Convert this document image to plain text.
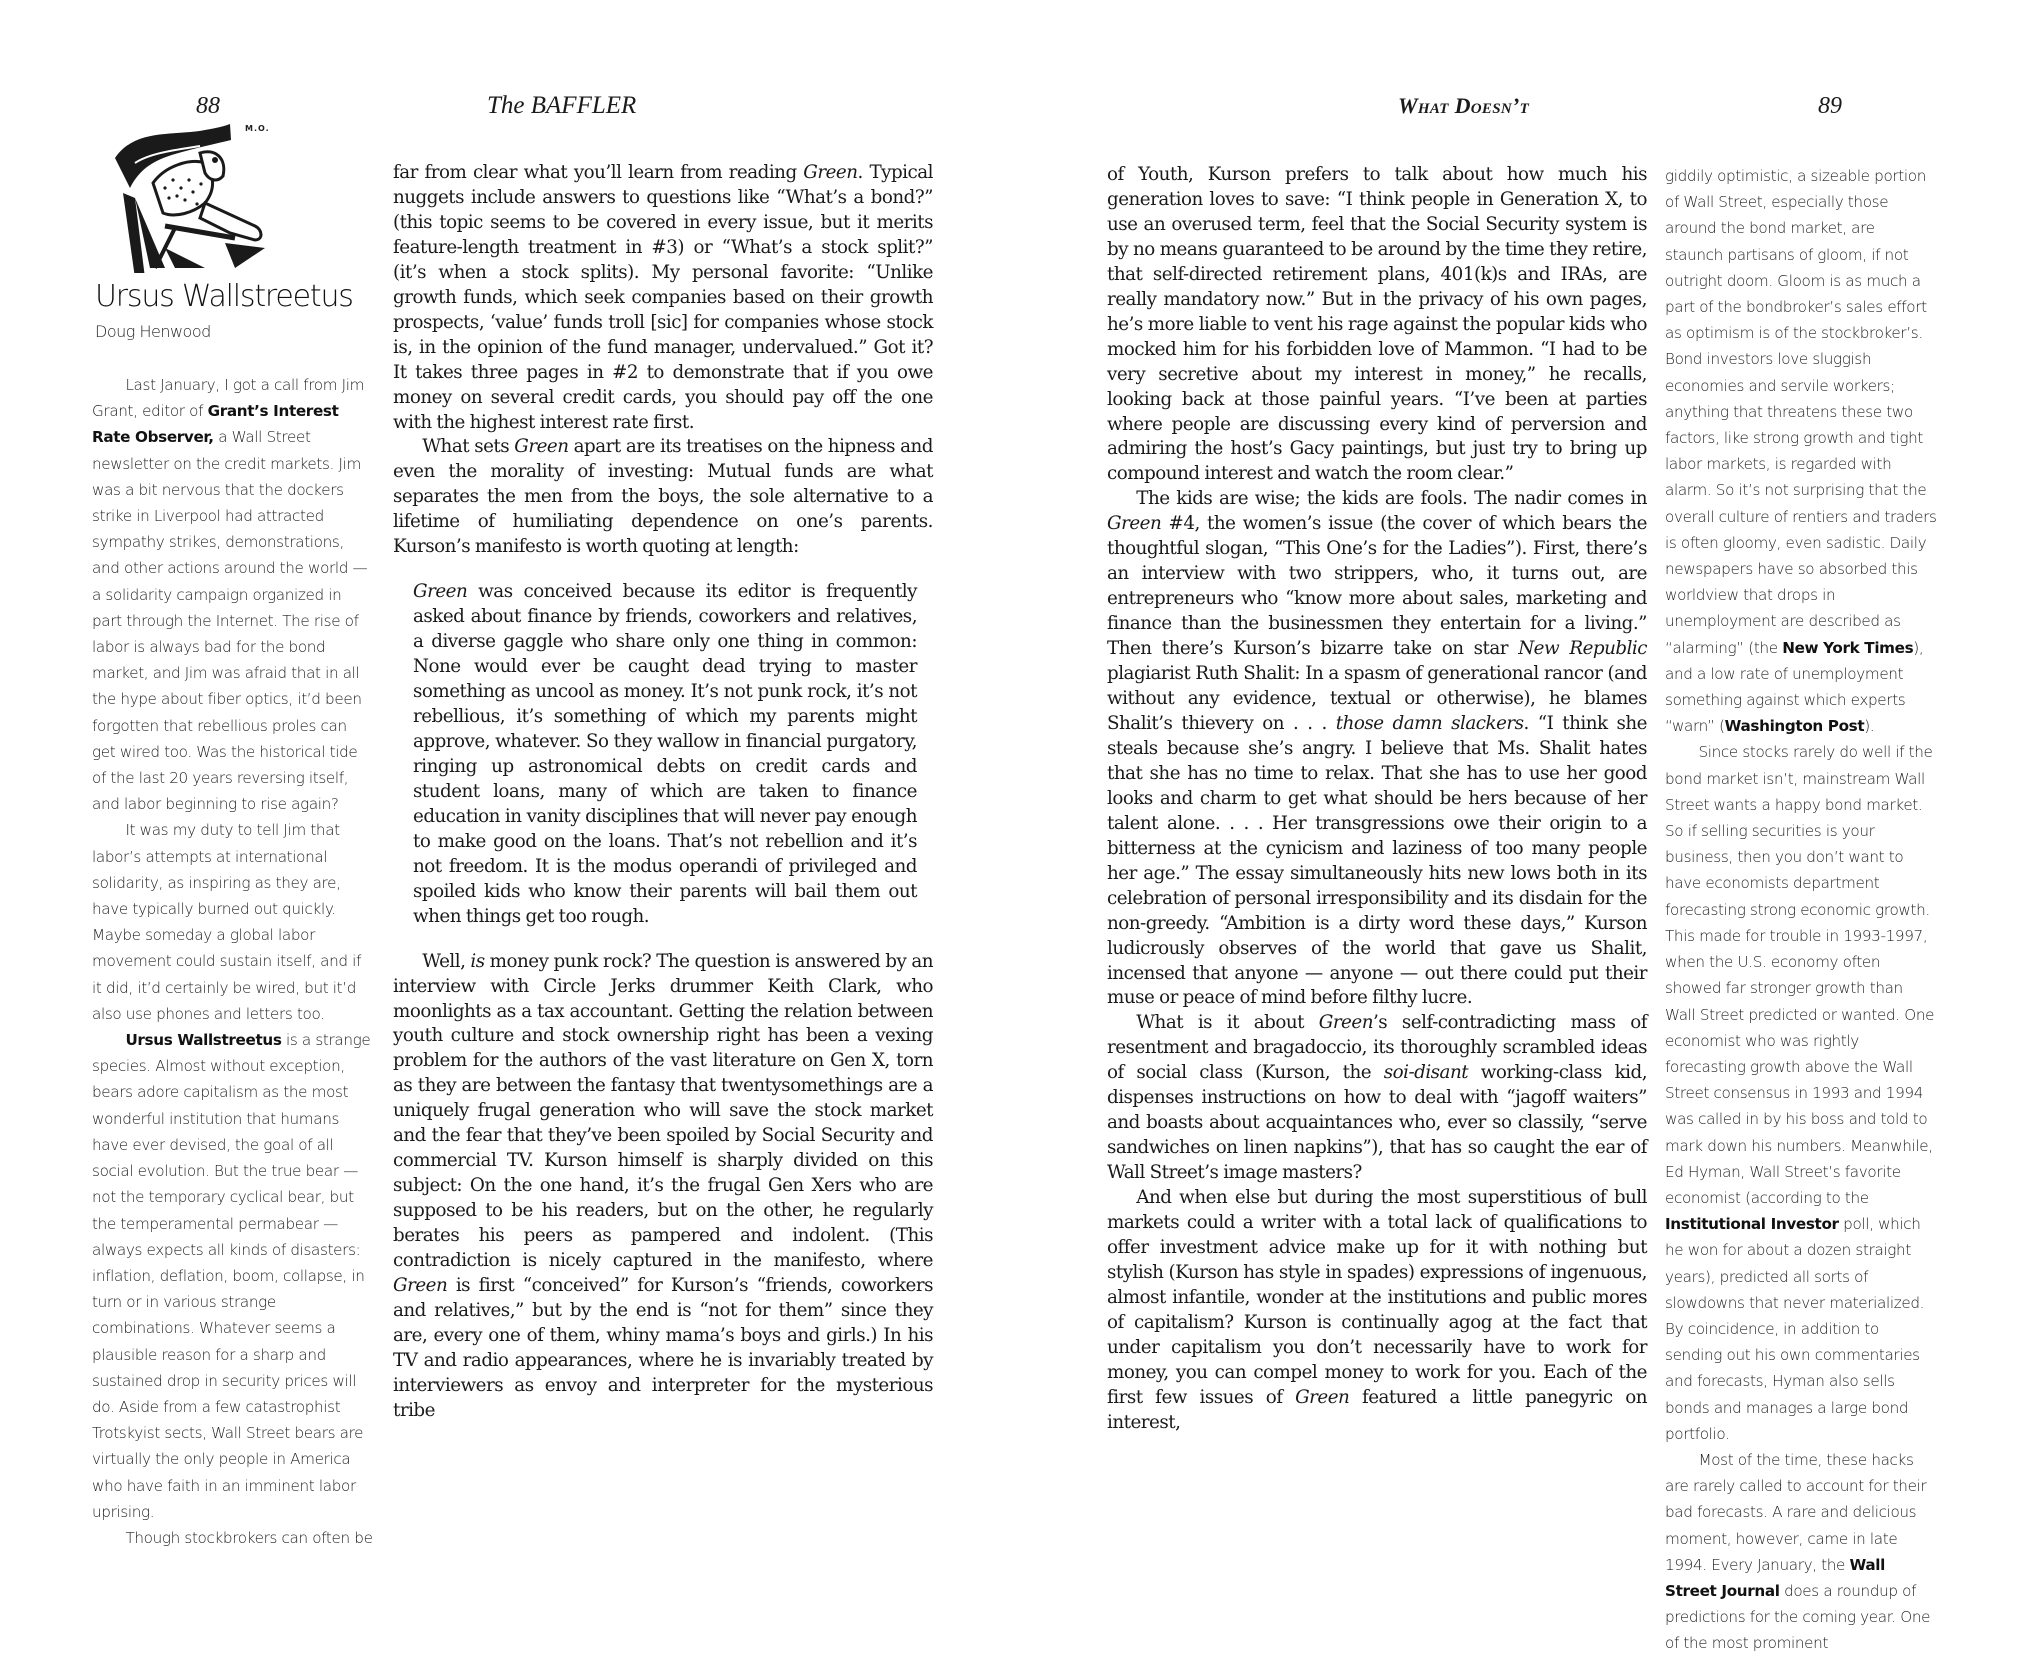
88	The BAFFLER
M.O.
Ursus Wallstreetus
Doug Henwood

Last January, I got a call from Jim Grant, editor of Grant’s Interest Rate Observer, a Wall Street newsletter on the credit markets. Jim was a bit nervous that the dockers strike in Liverpool had attracted sympathy strikes, demonstrations, and other actions around the world — a solidarity campaign organized in part through the Internet. The rise of labor is always bad for the bond market, and Jim was afraid that in all the hype about fiber optics, it’d been forgotten that rebellious proles can get wired too. Was the historical tide of the last 20 years reversing itself, and labor beginning to rise again?

It was my duty to tell Jim that labor’s attempts at international solidarity, as inspiring as they are, have typically burned out quickly. Maybe someday a global labor movement could sustain itself, and if it did, it’d certainly be wired, but it’d also use phones and letters too.

Ursus Wallstreetus is a strange species. Almost without exception, bears adore capitalism as the most wonderful institution that humans have ever devised, the goal of all social evolution. But the true bear — not the temporary cyclical bear, but the temperamental permabear — always expects all kinds of disasters: inflation, deflation, boom, collapse, in turn or in various strange combinations. Whatever seems a plausible reason for a sharp and sustained drop in security prices will do. Aside from a few catastrophist Trotskyist sects, Wall Street bears are virtually the only people in America who have faith in an imminent labor uprising.

Though stockbrokers can often be

far from clear what you’ll learn from reading Green. Typical nuggets include answers to questions like “What’s a bond?” (this topic seems to be covered in every issue, but it merits feature-length treatment in #3) or “What’s a stock split?” (it’s when a stock splits). My personal favorite: “Unlike growth funds, which seek companies based on their growth prospects, ‘value’ funds troll [sic] for companies whose stock is, in the opinion of the fund manager, undervalued.” Got it? It takes three pages in #2 to demonstrate that if you owe money on several credit cards, you should pay off the one with the highest interest rate first.

What sets Green apart are its treatises on the hipness and even the morality of investing: Mutual funds are what separates the men from the boys, the sole alternative to a lifetime of humiliating dependence on one’s parents. Kurson’s manifesto is worth quoting at length:

Green was conceived because its editor is frequently asked about finance by friends, coworkers and relatives, a diverse gaggle who share only one thing in common: None would ever be caught dead trying to master something as uncool as money. It’s not punk rock, it’s not rebellious, it’s something of which my parents might approve, whatever. So they wallow in financial purgatory, ringing up astronomical debts on credit cards and student loans, many of which are taken to finance education in vanity disciplines that will never pay enough to make good on the loans. That’s not rebellion and it’s not freedom. It is the modus operandi of privileged and spoiled kids who know their parents will bail them out when things get too rough.

Well, is money punk rock? The question is answered by an interview with Circle Jerks drummer Keith Clark, who moonlights as a tax accountant. Getting the relation between youth culture and stock ownership right has been a vexing problem for the authors of the vast literature on Gen X, torn as they are between the fantasy that twentysomethings are a uniquely frugal generation who will save the stock market and the fear that they’ve been spoiled by Social Security and commercial TV. Kurson himself is sharply divided on this subject: On the one hand, it’s the frugal Gen Xers who are supposed to be his readers, but on the other, he regularly berates his peers as pampered and indolent. (This contradiction is nicely captured in the manifesto, where Green is first “conceived” for Kurson’s “friends, coworkers and relatives,” but by the end is “not for them” since they are, every one of them, whiny mama’s boys and girls.) In his TV and radio appearances, where he is invariably treated by interviewers as envoy and interpreter for the mysterious tribe

What Doesn’t	89

of Youth, Kurson prefers to talk about how much his generation loves to save: “I think people in Generation X, to use an overused term, feel that the Social Security system is by no means guaranteed to be around by the time they retire, that self-directed retirement plans, 401(k)s and IRAs, are really mandatory now.” But in the privacy of his own pages, he’s more liable to vent his rage against the popular kids who mocked him for his forbidden love of Mammon. “I had to be very secretive about my interest in money,” he recalls, looking back at those painful years. “I’ve been at parties where people are discussing every kind of perversion and admiring the host’s Gacy paintings, but just try to bring up compound interest and watch the room clear.”

The kids are wise; the kids are fools. The nadir comes in Green #4, the women’s issue (the cover of which bears the thoughtful slogan, “This One’s for the Ladies”). First, there’s an interview with two strippers, who, it turns out, are entrepreneurs who “know more about sales, marketing and finance than the businessmen they entertain for a living.” Then there’s Kurson’s bizarre take on star New Republic plagiarist Ruth Shalit: In a spasm of generational rancor (and without any evidence, textual or otherwise), he blames Shalit’s thievery on . . . those damn slackers. “I think she steals because she’s angry. I believe that Ms. Shalit hates that she has no time to relax. That she has to use her good looks and charm to get what should be hers because of her talent alone. . . . Her transgressions owe their origin to a bitterness at the cynicism and laziness of too many people her age.” The essay simultaneously hits new lows both in its celebration of personal irresponsibility and its disdain for the non-greedy. “Ambition is a dirty word these days,” Kurson ludicrously observes of the world that gave us Shalit, incensed that anyone — anyone — out there could put their muse or peace of mind before filthy lucre.

What is it about Green’s self-contradicting mass of resentment and bragadoccio, its thoroughly scrambled ideas of social class (Kurson, the soi-disant working-class kid, dispenses instructions on how to deal with “jagoff waiters” and boasts about acquaintances who, ever so classily, “serve sandwiches on linen napkins”), that has so caught the ear of Wall Street’s image masters?

And when else but during the most superstitious of bull markets could a writer with a total lack of qualifications to offer investment advice make up for it with nothing but stylish (Kurson has style in spades) expressions of ingenuous, almost infantile, wonder at the institutions and public mores of capitalism? Kurson is continually agog at the fact that under capitalism you don’t necessarily have to work for money, you can compel money to work for you. Each of the first few issues of Green featured a little panegyric on interest,

giddily optimistic, a sizeable portion of Wall Street, especially those around the bond market, are staunch partisans of gloom, if not outright doom. Gloom is as much a part of the bondbroker’s sales effort as optimism is of the stockbroker’s. Bond investors love sluggish economies and servile workers; anything that threatens these two factors, like strong growth and tight labor markets, is regarded with alarm. So it’s not surprising that the overall culture of rentiers and traders is often gloomy, even sadistic. Daily newspapers have so absorbed this worldview that drops in unemployment are described as “alarming” (the New York Times), and a low rate of unemployment something against which experts “warn” (Washington Post).

Since stocks rarely do well if the bond market isn’t, mainstream Wall Street wants a happy bond market. So if selling securities is your business, then you don’t want to have economists department forecasting strong economic growth. This made for trouble in 1993-1997, when the U.S. economy often showed far stronger growth than Wall Street predicted or wanted. One economist who was rightly forecasting growth above the Wall Street consensus in 1993 and 1994 was called in by his boss and told to mark down his numbers. Meanwhile, Ed Hyman, Wall Street’s favorite economist (according to the Institutional Investor poll, which he won for about a dozen straight years), predicted all sorts of slowdowns that never materialized. By coincidence, in addition to sending out his own commentaries and forecasts, Hyman also sells bonds and manages a large bond portfolio.

Most of the time, these hacks are rarely called to account for their bad forecasts. A rare and delicious moment, however, came in late 1994. Every January, the Wall Street Journal does a roundup of predictions for the coming year. One of the most prominent
